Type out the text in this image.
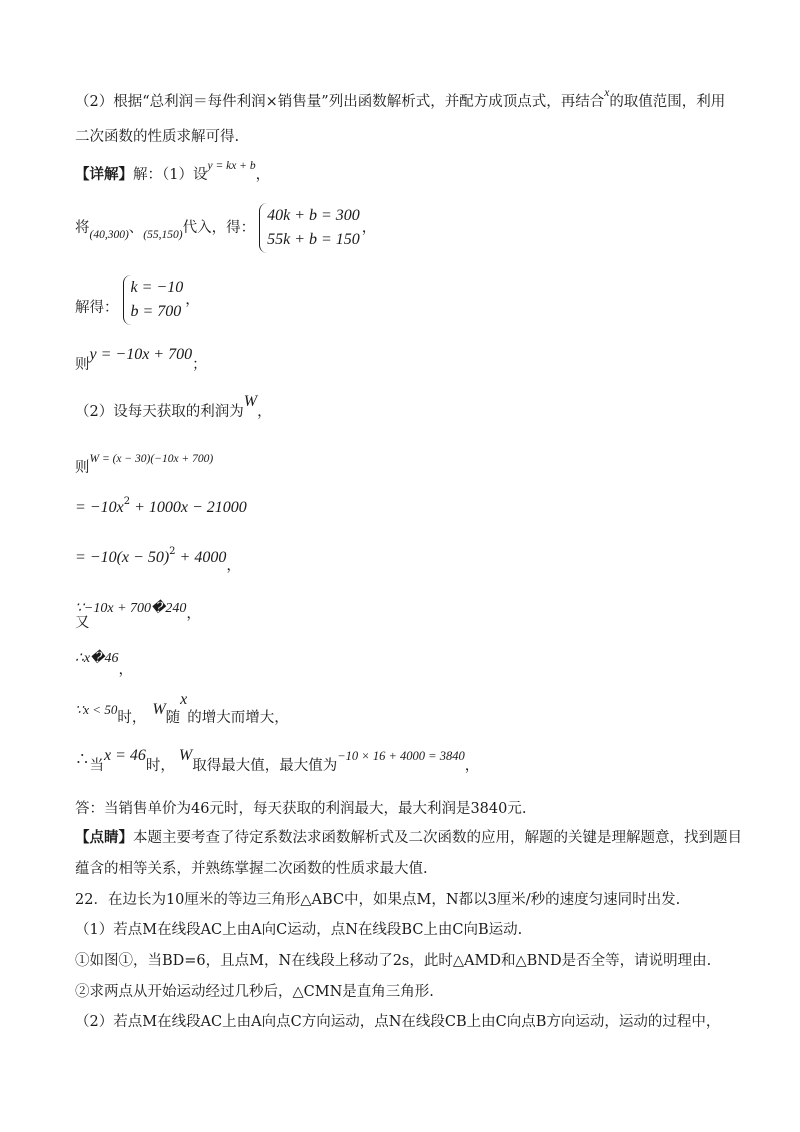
（2）根据“总利润＝每件利润×销售量”列出函数解析式，并配方成顶点式，再结合$^x$的取值范围，利用
二次函数的性质求解可得.
【详解】解：（1）设$^{y = kx + b}$，
将$_{(40,300)}$、$_{(55,150)}$代入，得：
40k + b = 300
55k + b = 150
，
解得：
k = −10
b = 700
，
则y = −10x + 700；
（2）设每天获取的利润为W，
则W = (x − 30)(−10x + 700)
= $-10x^2 + 1000x - 21000$
= $-10(x - 50)^2 + 4000$，
∵−10x + 700�240，
又
∴x�46，
∵x < 50时， W随x的增大而增大，
∴当x = 46时，W取得最大值，最大值为−10 × 16 + 4000 = 3840，
答：当销售单价为46元时，每天获取的利润最大，最大利润是3840元.
【点睛】本题主要考查了待定系数法求函数解析式及二次函数的应用，解题的关键是理解题意，找到题目
蕴含的相等关系，并熟练掌握二次函数的性质求最大值.
22．在边长为10厘米的等边三角形△ABC中，如果点M，N都以3厘米/秒的速度匀速同时出发.
（1）若点M在线段AC上由A向C运动，点N在线段BC上由C向B运动.
①如图①，当BD=6，且点M，N在线段上移动了2s，此时△AMD和△BND是否全等，请说明理由.
②求两点从开始运动经过几秒后，△CMN是直角三角形.
（2）若点M在线段AC上由A向点C方向运动，点N在线段CB上由C向点B方向运动，运动的过程中，
